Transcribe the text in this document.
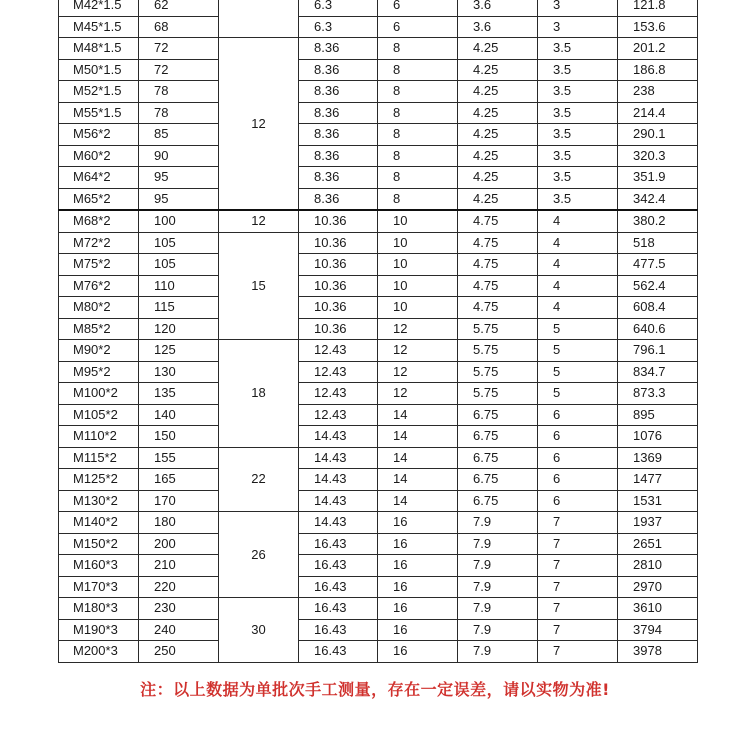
M42*1.5	62		6.3	6	3.6	3	121.8
M45*1.5	68		6.3	6	3.6	3	153.6
M48*1.5	72	12	8.36	8	4.25	3.5	201.2
M50*1.5	72		8.36	8	4.25	3.5	186.8
M52*1.5	78		8.36	8	4.25	3.5	238
M55*1.5	78		8.36	8	4.25	3.5	214.4
M56*2	85		8.36	8	4.25	3.5	290.1
M60*2	90		8.36	8	4.25	3.5	320.3
M64*2	95		8.36	8	4.25	3.5	351.9
M65*2	95		8.36	8	4.25	3.5	342.4
M68*2	100	12	10.36	10	4.75	4	380.2
M72*2	105	15	10.36	10	4.75	4	518
M75*2	105		10.36	10	4.75	4	477.5
M76*2	110		10.36	10	4.75	4	562.4
M80*2	115		10.36	10	4.75	4	608.4
M85*2	120		10.36	12	5.75	5	640.6
M90*2	125	18	12.43	12	5.75	5	796.1
M95*2	130		12.43	12	5.75	5	834.7
M100*2	135		12.43	12	5.75	5	873.3
M105*2	140		12.43	14	6.75	6	895
M110*2	150		14.43	14	6.75	6	1076
M115*2	155	22	14.43	14	6.75	6	1369
M125*2	165		14.43	14	6.75	6	1477
M130*2	170		14.43	14	6.75	6	1531
M140*2	180	26	14.43	16	7.9	7	1937
M150*2	200		16.43	16	7.9	7	2651
M160*3	210		16.43	16	7.9	7	2810
M170*3	220		16.43	16	7.9	7	2970
M180*3	230	30	16.43	16	7.9	7	3610
M190*3	240		16.43	16	7.9	7	3794
M200*3	250		16.43	16	7.9	7	3978
注：以上数据为单批次手工测量，存在一定误差，请以实物为准!
